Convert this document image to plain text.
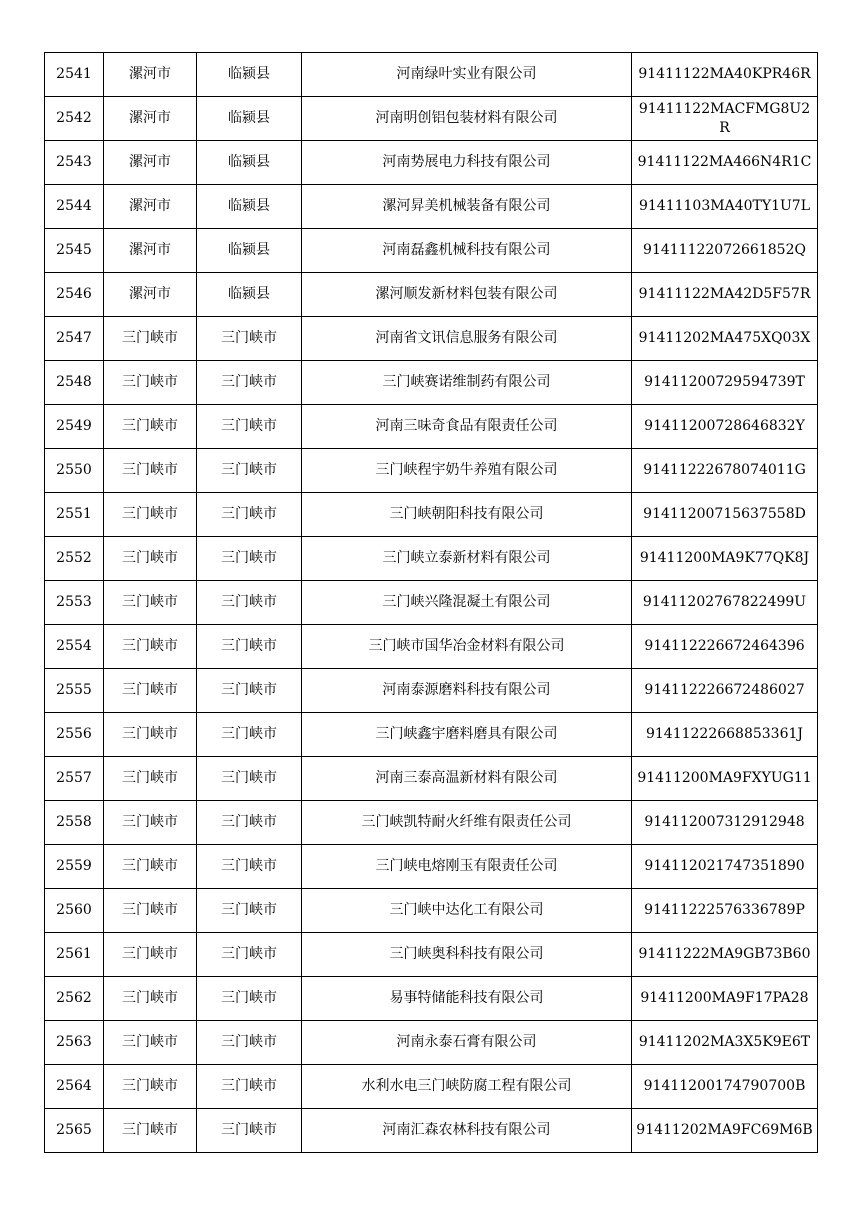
2541	漯河市	临颍县	河南绿叶实业有限公司	91411122MA40KPR46R
2542	漯河市	临颍县	河南明创铝包装材料有限公司	91411122MACFMG8U2R
2543	漯河市	临颍县	河南势展电力科技有限公司	91411122MA466N4R1C
2544	漯河市	临颍县	漯河昇美机械装备有限公司	91411103MA40TY1U7L
2545	漯河市	临颍县	河南磊鑫机械科技有限公司	91411122072661852Q
2546	漯河市	临颍县	漯河顺发新材料包装有限公司	91411122MA42D5F57R
2547	三门峡市	三门峡市	河南省文讯信息服务有限公司	91411202MA475XQ03X
2548	三门峡市	三门峡市	三门峡赛诺维制药有限公司	91411200729594739T
2549	三门峡市	三门峡市	河南三味奇食品有限责任公司	91411200728646832Y
2550	三门峡市	三门峡市	三门峡程宇奶牛养殖有限公司	91411222678074011G
2551	三门峡市	三门峡市	三门峡朝阳科技有限公司	91411200715637558D
2552	三门峡市	三门峡市	三门峡立泰新材料有限公司	91411200MA9K77QK8J
2553	三门峡市	三门峡市	三门峡兴隆混凝土有限公司	91411202767822499U
2554	三门峡市	三门峡市	三门峡市国华冶金材料有限公司	914112226672464396
2555	三门峡市	三门峡市	河南泰源磨料科技有限公司	914112226672486027
2556	三门峡市	三门峡市	三门峡鑫宇磨料磨具有限公司	91411222668853361J
2557	三门峡市	三门峡市	河南三泰高温新材料有限公司	91411200MA9FXYUG11
2558	三门峡市	三门峡市	三门峡凯特耐火纤维有限责任公司	914112007312912948
2559	三门峡市	三门峡市	三门峡电熔刚玉有限责任公司	914112021747351890
2560	三门峡市	三门峡市	三门峡中达化工有限公司	91411222576336789P
2561	三门峡市	三门峡市	三门峡奥科科技有限公司	91411222MA9GB73B60
2562	三门峡市	三门峡市	易事特储能科技有限公司	91411200MA9F17PA28
2563	三门峡市	三门峡市	河南永泰石膏有限公司	91411202MA3X5K9E6T
2564	三门峡市	三门峡市	水利水电三门峡防腐工程有限公司	91411200174790700B
2565	三门峡市	三门峡市	河南汇森农林科技有限公司	91411202MA9FC69M6B
